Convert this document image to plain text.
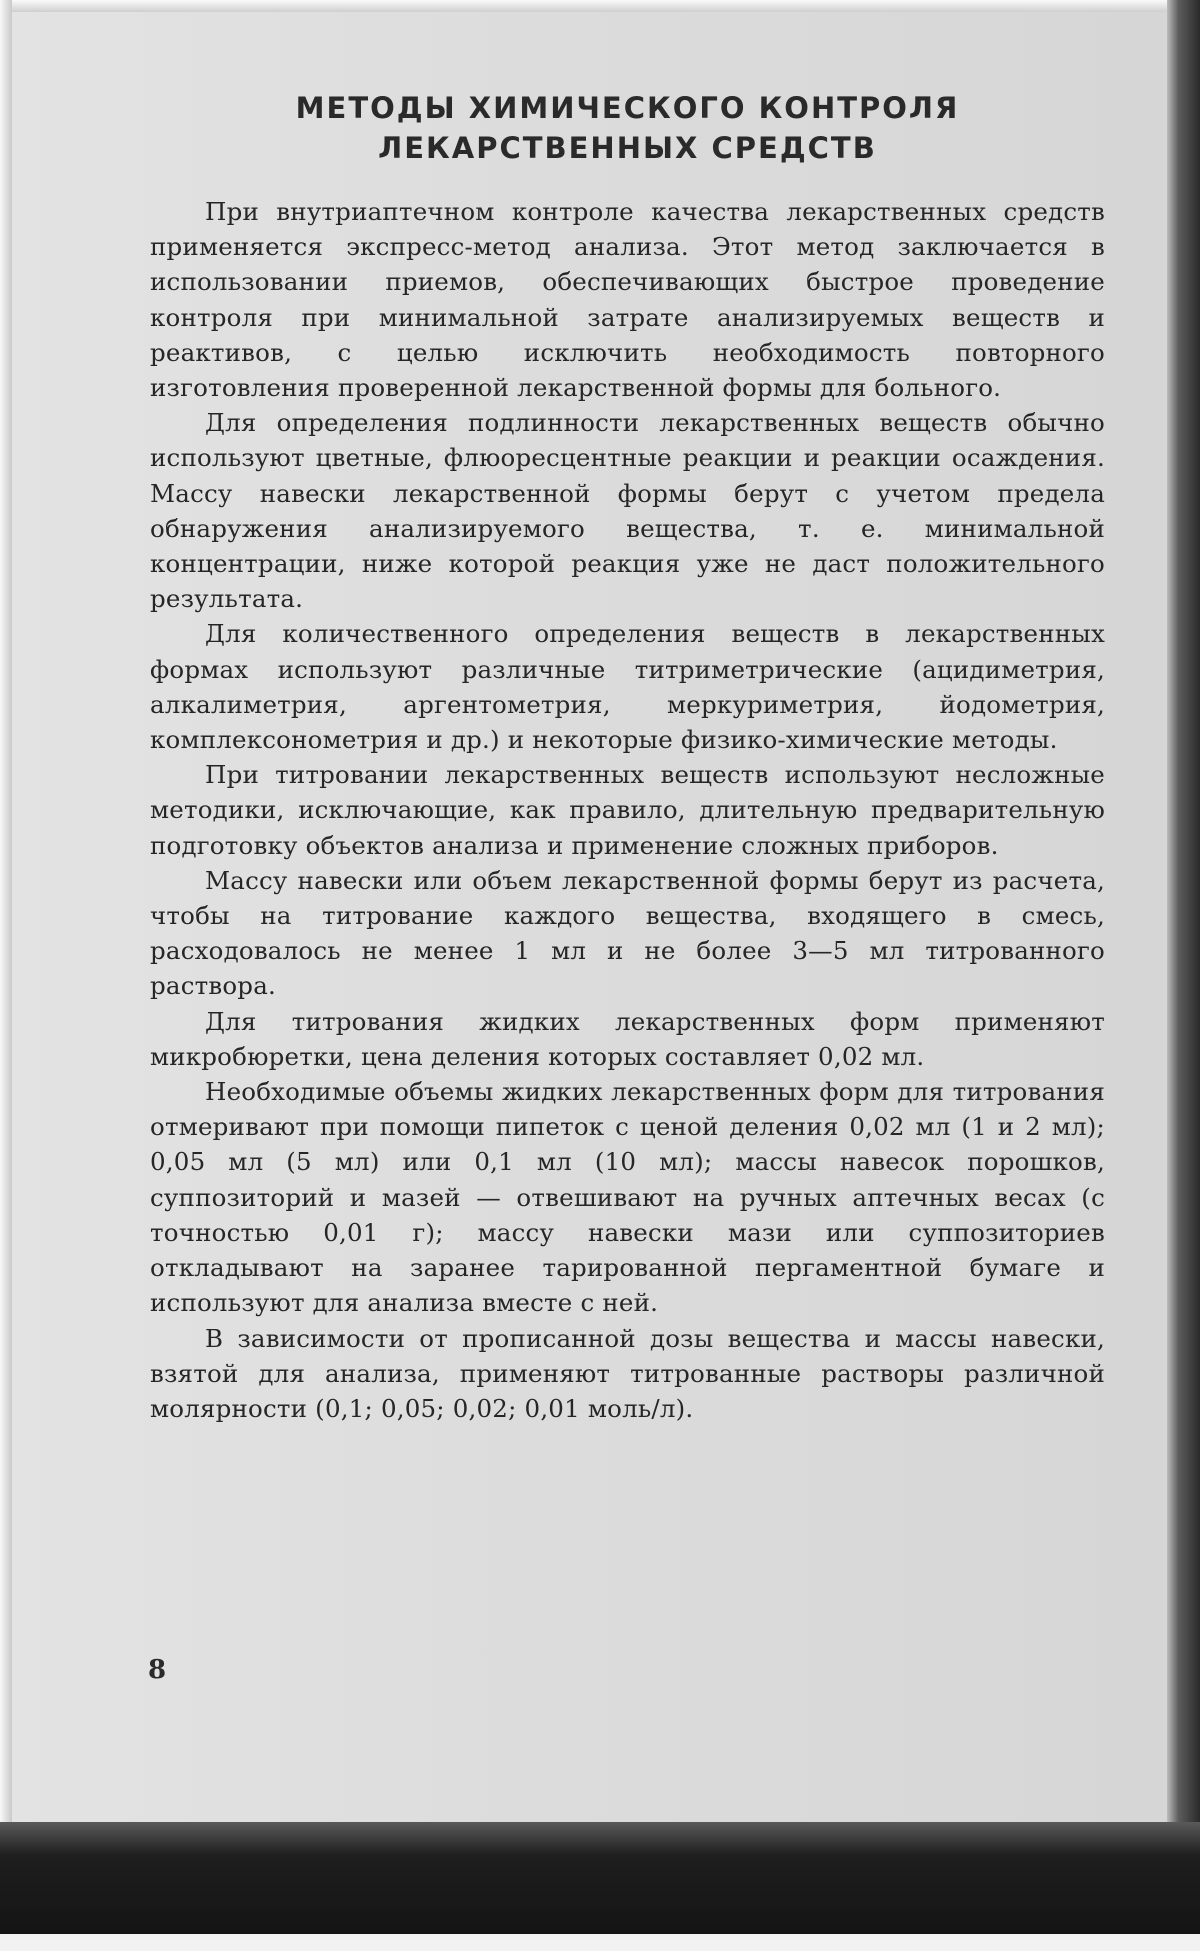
МЕТОДЫ ХИМИЧЕСКОГО КОНТРОЛЯ
ЛЕКАРСТВЕННЫХ СРЕДСТВ

При внутриаптечном контроле качества лекарственных средств применяется экспресс-метод анализа. Этот метод заключается в использовании приемов, обеспечивающих быстрое проведение контроля при минимальной затрате анализируемых веществ и реактивов, с целью исключить необходимость повторного изготовления проверенной лекарственной формы для больного.

Для определения подлинности лекарственных веществ обычно используют цветные, флюоресцентные реакции и реакции осаждения. Массу навески лекарственной формы берут с учетом предела обнаружения анализируемого вещества, т. е. минимальной концентрации, ниже которой реакция уже не даст положительного результата.

Для количественного определения веществ в лекарственных формах используют различные титриметрические (ацидиметрия, алкалиметрия, аргентометрия, меркуриметрия, йодометрия, комплексонометрия и др.) и некоторые физико-химические методы.

При титровании лекарственных веществ используют несложные методики, исключающие, как правило, длительную предварительную подготовку объектов анализа и применение сложных приборов.

Массу навески или объем лекарственной формы берут из расчета, чтобы на титрование каждого вещества, входящего в смесь, расходовалось не менее 1 мл и не более 3—5 мл титрованного раствора.

Для титрования жидких лекарственных форм применяют микробюретки, цена деления которых составляет 0,02 мл.

Необходимые объемы жидких лекарственных форм для титрования отмеривают при помощи пипеток с ценой деления 0,02 мл (1 и 2 мл); 0,05 мл (5 мл) или 0,1 мл (10 мл); массы навесок порошков, суппозиторий и мазей — отвешивают на ручных аптечных весах (с точностью 0,01 г); массу навески мази или суппозиториев откладывают на заранее тарированной пергаментной бумаге и используют для анализа вместе с ней.

В зависимости от прописанной дозы вещества и массы навески, взятой для анализа, применяют титрованные растворы различной молярности (0,1; 0,05; 0,02; 0,01 моль/л).

8
